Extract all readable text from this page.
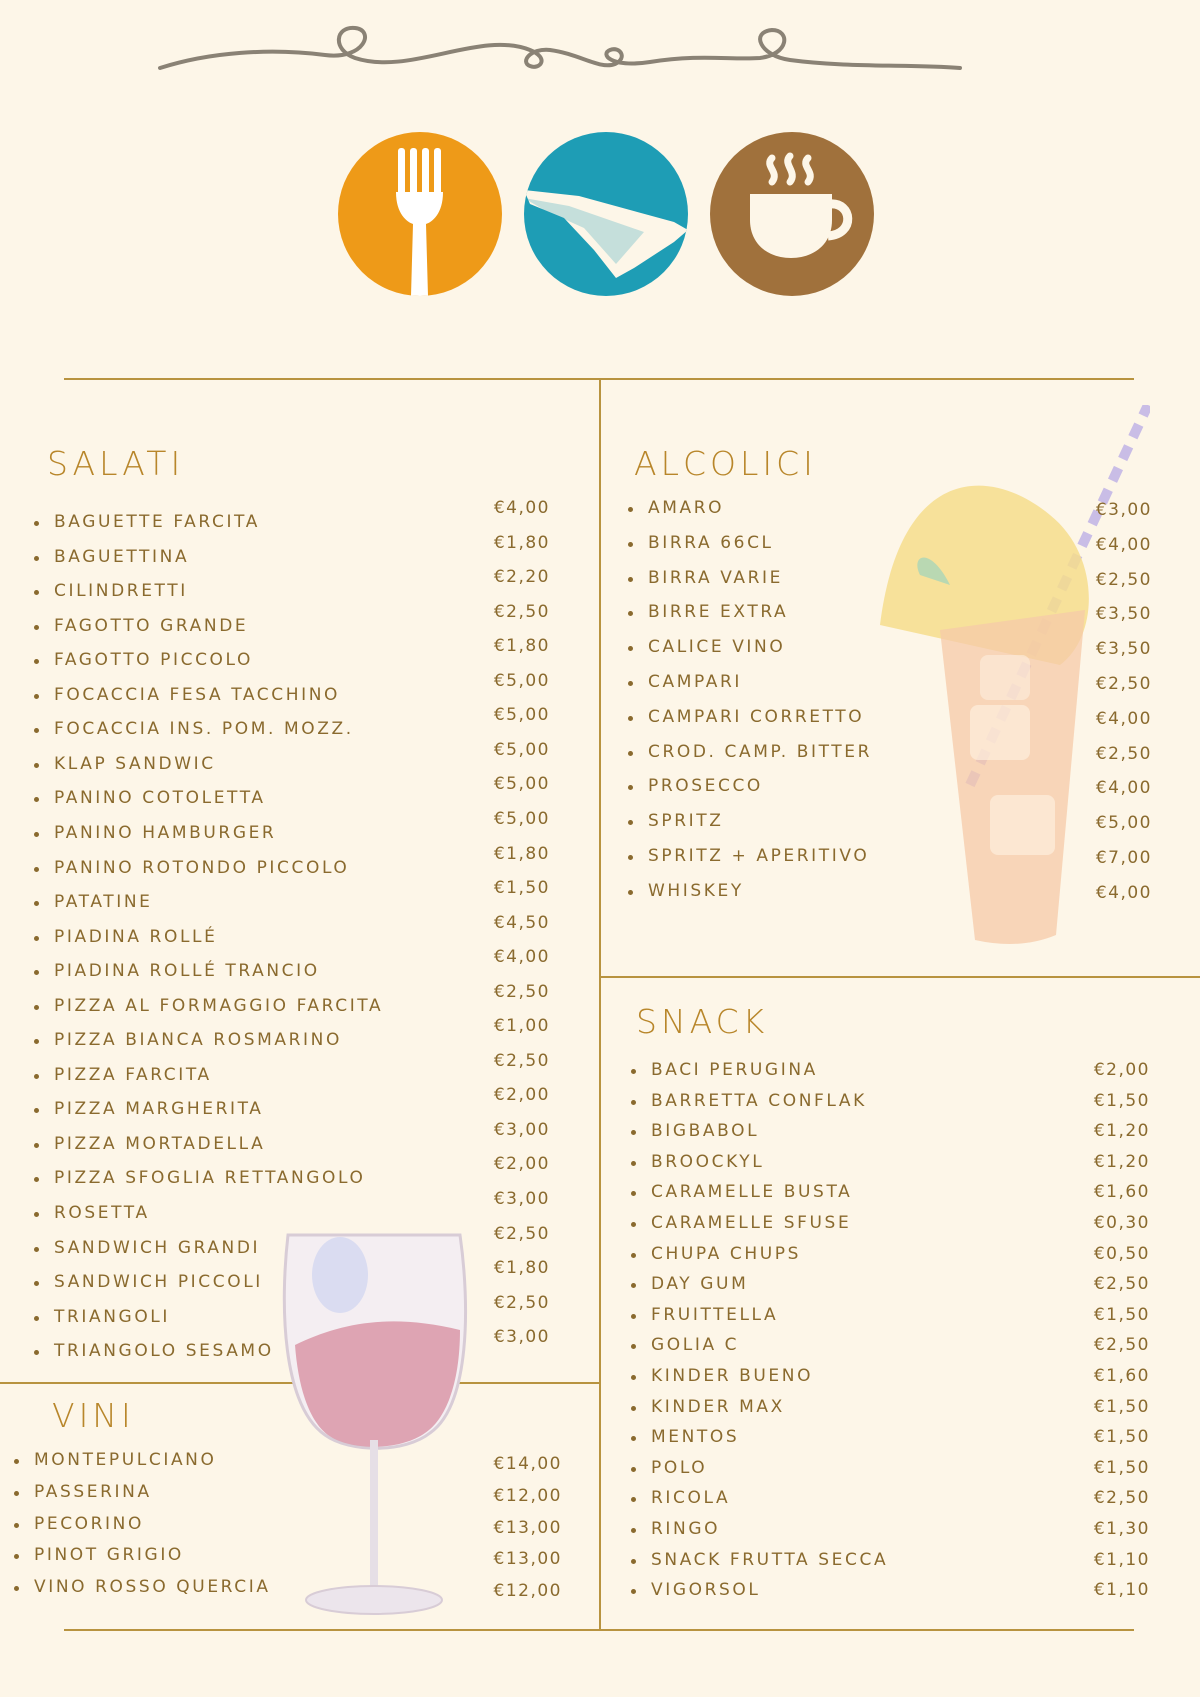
SALATI	ALCOLICI
SNACK
VINI
BAGUETTE FARCITA
€4,00
BAGUETTINA
€1,80
CILINDRETTI
€2,20
FAGOTTO GRANDE
€2,50
FAGOTTO PICCOLO
€1,80
FOCACCIA FESA TACCHINO
€5,00
FOCACCIA INS. POM. MOZZ.
€5,00
KLAP SANDWIC
€5,00
PANINO COTOLETTA
€5,00
PANINO HAMBURGER
€5,00
PANINO ROTONDO PICCOLO
€1,80
PATATINE
€1,50
PIADINA ROLLÉ
€4,50
PIADINA ROLLÉ TRANCIO
€4,00
PIZZA AL FORMAGGIO FARCITA
€2,50
PIZZA BIANCA ROSMARINO
€1,00
PIZZA FARCITA
€2,50
PIZZA MARGHERITA
€2,00
PIZZA MORTADELLA
€3,00
PIZZA SFOGLIA RETTANGOLO
€2,00
ROSETTA
€3,00
SANDWICH GRANDI
€2,50
SANDWICH PICCOLI
€1,80
TRIANGOLI
€2,50
TRIANGOLO SESAMO
€3,00
MONTEPULCIANO	€14,00
PASSERINA	€12,00
PECORINO	€13,00
PINOT GRIGIO	€13,00
VINO ROSSO QUERCIA	€12,00
AMARO	€3,00
BIRRA 66CL	€4,00
BIRRA VARIE	€2,50
BIRRE EXTRA	€3,50
CALICE VINO	€3,50
CAMPARI	€2,50
CAMPARI CORRETTO	€4,00
CROD. CAMP. BITTER	€2,50
PROSECCO	€4,00
SPRITZ	€5,00
SPRITZ + APERITIVO	€7,00
WHISKEY	€4,00
BACI PERUGINA	€2,00
BARRETTA CONFLAK	€1,50
BIGBABOL	€1,20
BROOCKYL	€1,20
CARAMELLE BUSTA	€1,60
CARAMELLE SFUSE	€0,30
CHUPA CHUPS	€0,50
DAY GUM	€2,50
FRUITTELLA	€1,50
GOLIA C	€2,50
KINDER BUENO	€1,60
KINDER MAX	€1,50
MENTOS	€1,50
POLO	€1,50
RICOLA	€2,50
RINGO	€1,30
SNACK FRUTTA SECCA	€1,10
VIGORSOL	€1,10
